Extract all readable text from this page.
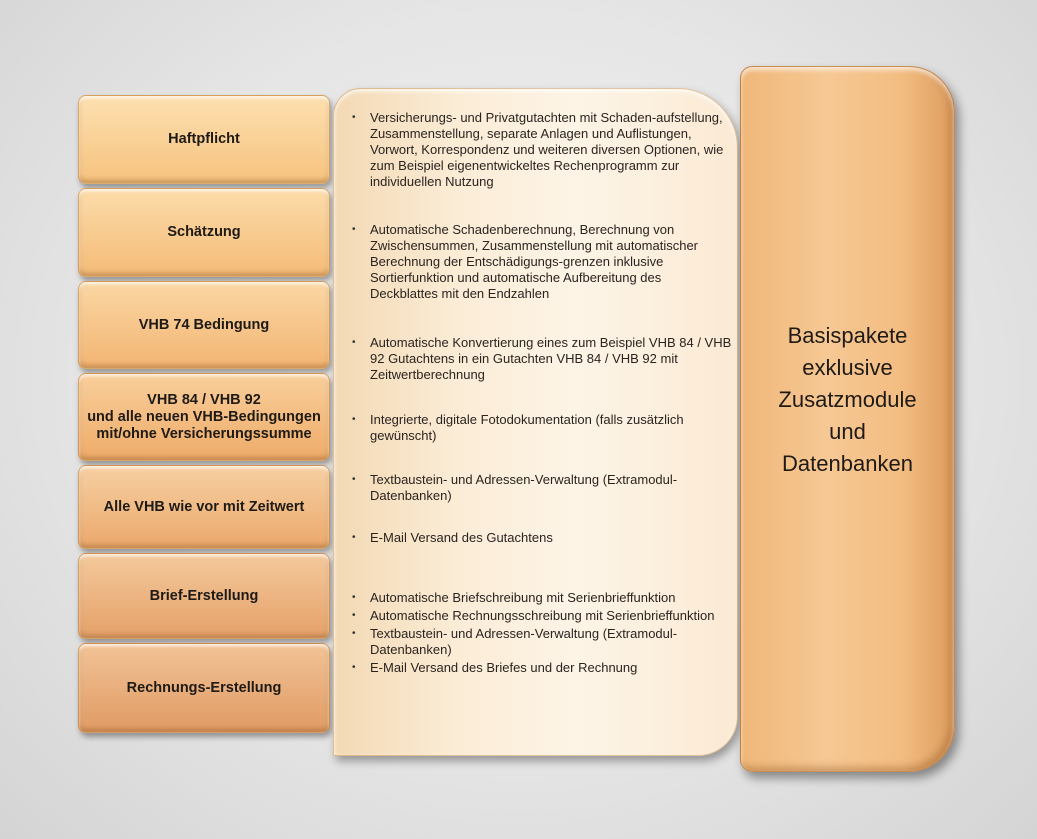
Haftpflicht
Schätzung
VHB 74 Bedingung
VHB 84 / VHB 92
und alle neuen VHB-Bedingungen
mit/ohne Versicherungssumme
Alle VHB wie vor mit Zeitwert
Brief-Erstellung
Rechnungs-Erstellung
• Versicherungs- und Privatgutachten mit Schaden-aufstellung, Zusammenstellung, separate Anlagen und Auflistungen, Vorwort, Korrespondenz und weiteren diversen Optionen, wie zum Beispiel eigenentwickeltes Rechenprogramm zur individuellen Nutzung
• Automatische Schadenberechnung, Berechnung von Zwischensummen, Zusammenstellung mit automatischer Berechnung der Entschädigungs-grenzen inklusive Sortierfunktion und automatische Aufbereitung des Deckblattes mit den Endzahlen
• Automatische Konvertierung eines zum Beispiel VHB 84 / VHB 92 Gutachtens in ein Gutachten VHB 84 / VHB 92 mit Zeitwertberechnung
• Integrierte, digitale Fotodokumentation (falls zusätzlich gewünscht)
• Textbaustein- und Adressen-Verwaltung (Extramodul-Datenbanken)
• E-Mail Versand des Gutachtens
• Automatische Briefschreibung mit Serienbrieffunktion
• Automatische Rechnungsschreibung mit Serienbrieffunktion
• Textbaustein- und Adressen-Verwaltung (Extramodul-Datenbanken)
• E-Mail Versand des Briefes und der Rechnung
Basispakete
exklusive
Zusatzmodule
und
Datenbanken
